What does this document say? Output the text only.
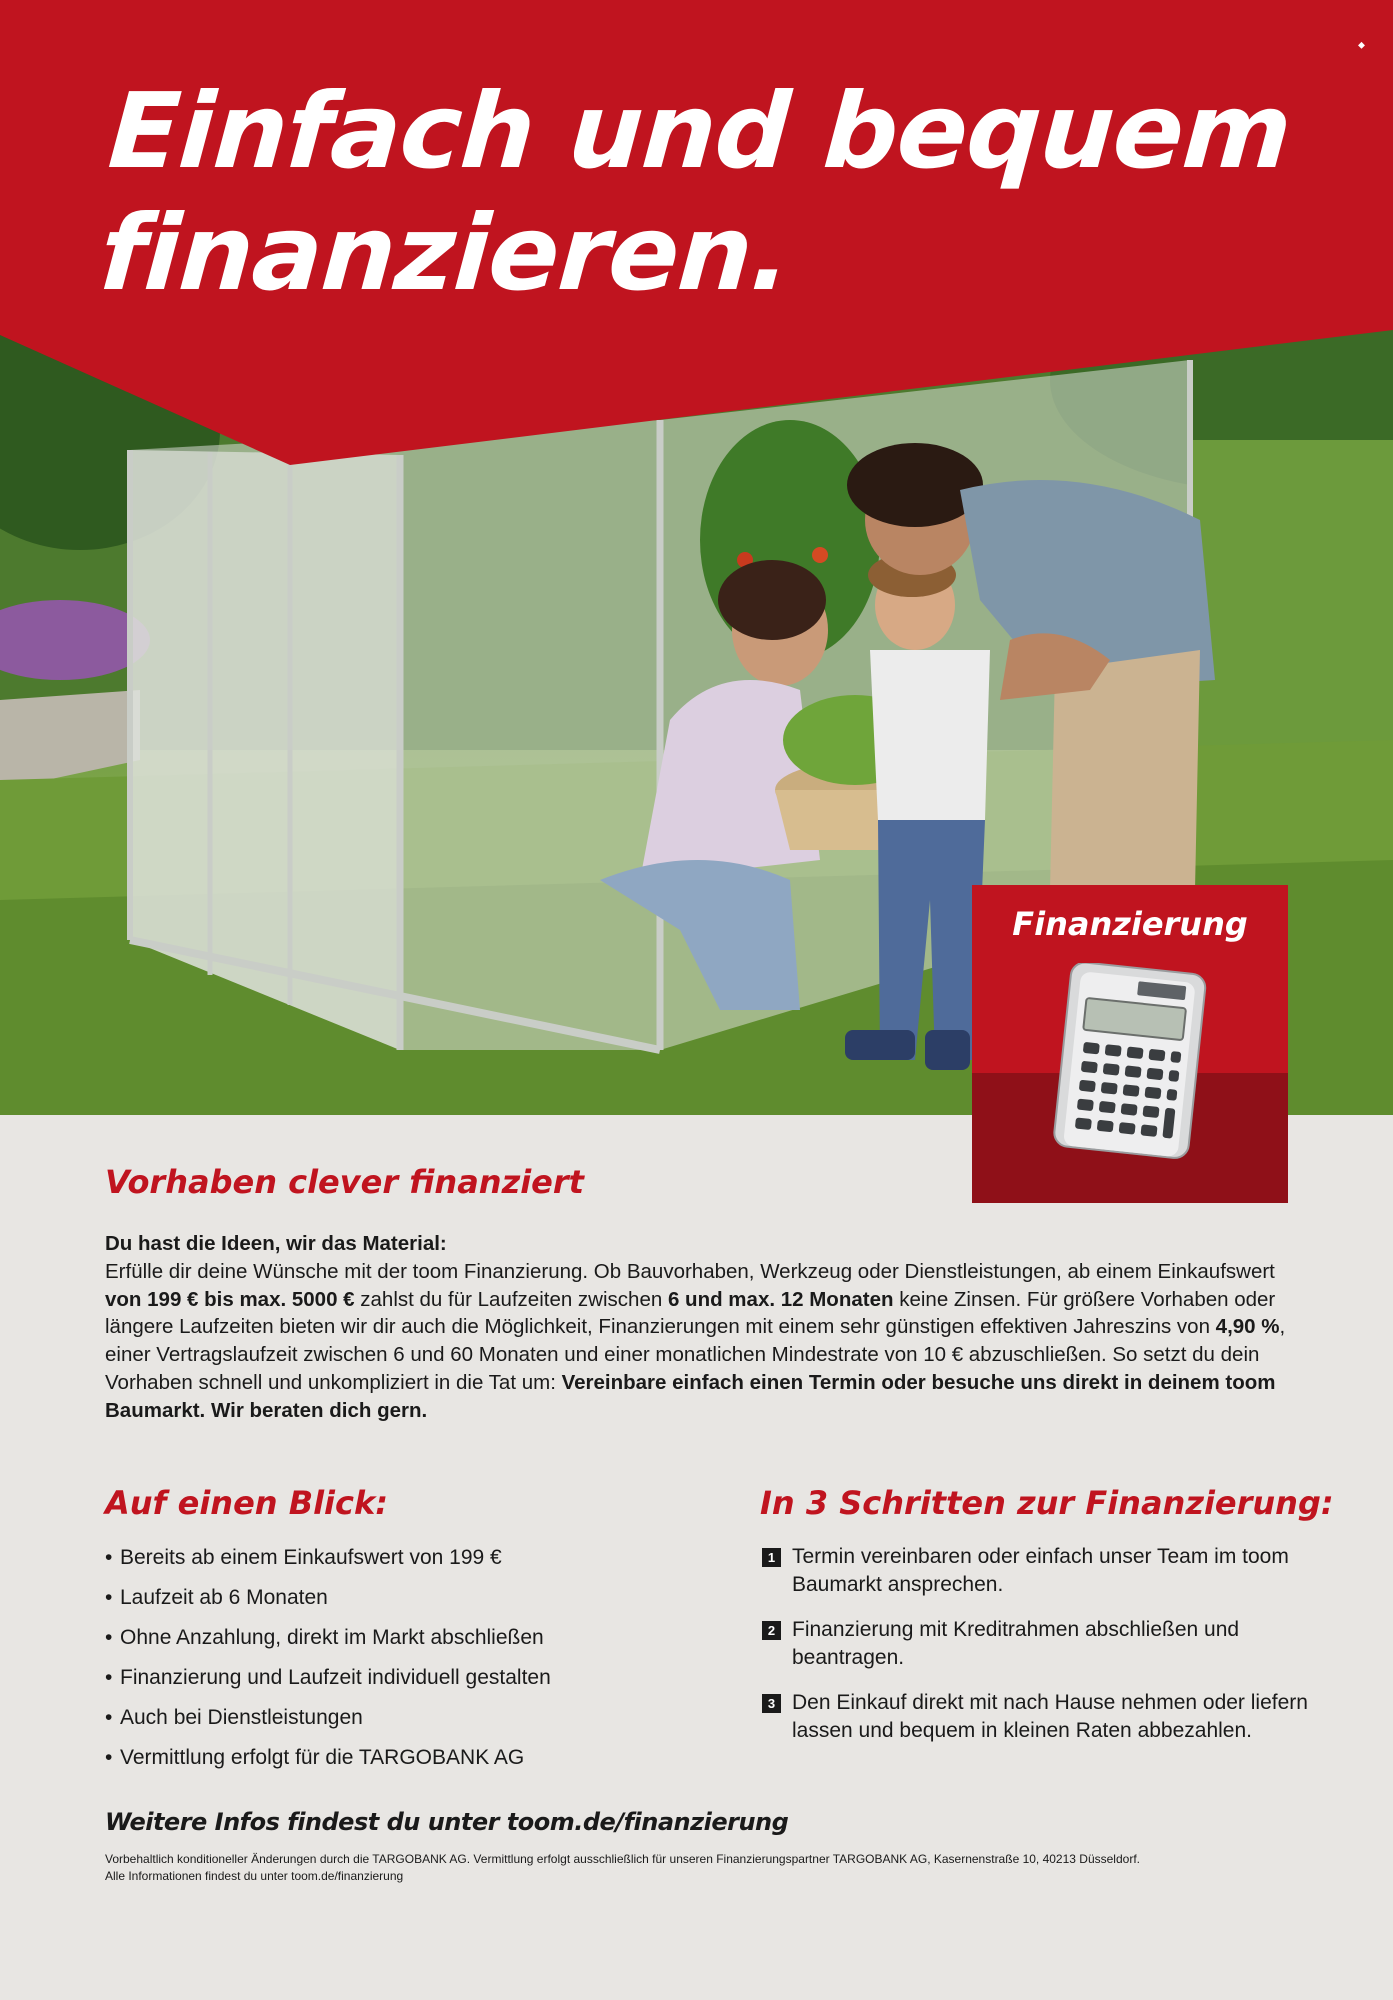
Einfach und bequem
finanzieren.
⬥
Finanzierung
Vorhaben clever finanziert
Du hast die Ideen, wir das Material:
Erfülle dir deine Wünsche mit der toom Finanzierung. Ob Bauvorhaben, Werkzeug oder Dienstleistungen, ab einem Einkaufswert von 199 € bis max. 5000 € zahlst du für Laufzeiten zwischen 6 und max. 12 Monaten keine Zinsen. Für größere Vorhaben oder längere Laufzeiten bieten wir dir auch die Möglichkeit, Finanzierungen mit einem sehr günstigen effektiven Jahreszins von 4,90 %, einer Vertragslaufzeit zwischen 6 und 60 Monaten und einer monatlichen Mindestrate von 10 € abzuschließen. So setzt du dein Vorhaben schnell und unkompliziert in die Tat um: Vereinbare einfach einen Termin oder besuche uns direkt in deinem toom Baumarkt. Wir beraten dich gern.
Auf einen Blick:	In 3 Schritten zur Finanzierung:
• Bereits ab einem Einkaufswert von 199 €
• Laufzeit ab 6 Monaten
• Ohne Anzahlung, direkt im Markt abschließen
• Finanzierung und Laufzeit individuell gestalten
• Auch bei Dienstleistungen
• Vermittlung erfolgt für die TARGOBANK AG
1 Termin vereinbaren oder einfach unser Team im toom Baumarkt ansprechen.
2 Finanzierung mit Kreditrahmen abschließen und beantragen.
3 Den Einkauf direkt mit nach Hause nehmen oder liefern lassen und bequem in kleinen Raten abbezahlen.
Weitere Infos findest du unter toom.de/finanzierung
Vorbehaltlich konditioneller Änderungen durch die TARGOBANK AG. Vermittlung erfolgt ausschließlich für unseren Finanzierungspartner TARGOBANK AG, Kasernenstraße 10, 40213 Düsseldorf.
Alle Informationen findest du unter toom.de/finanzierung
